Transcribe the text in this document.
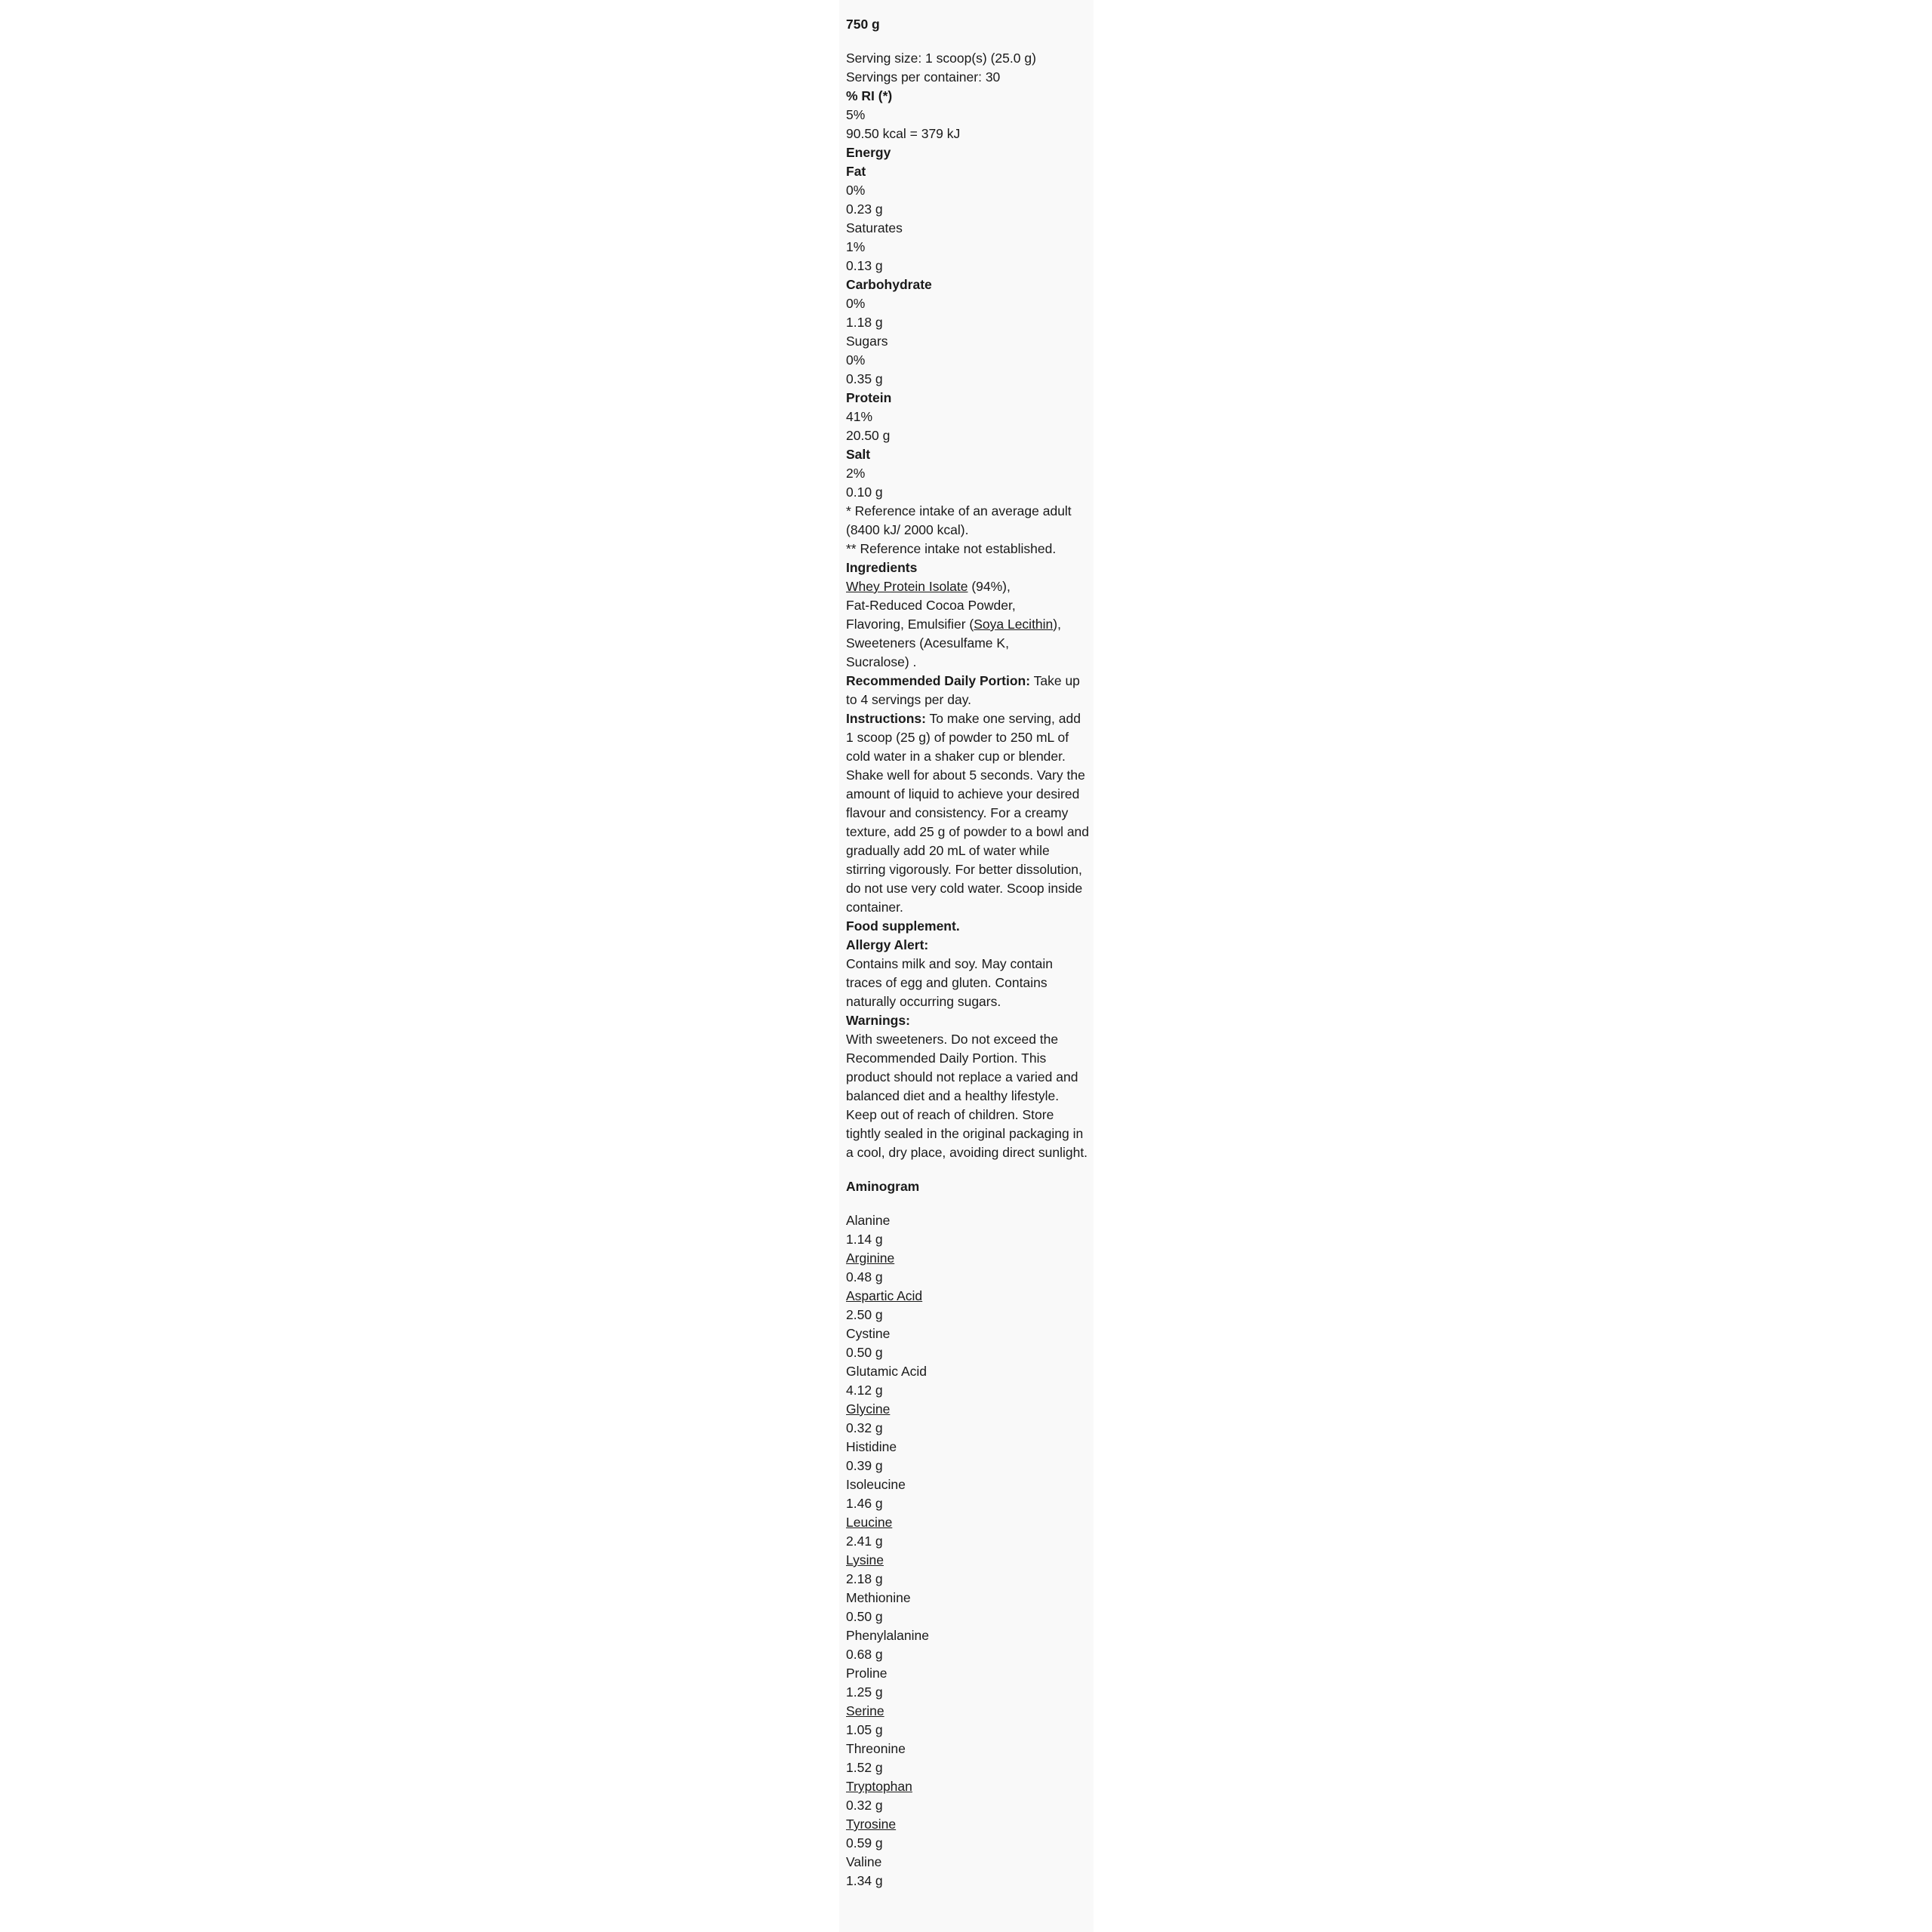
750 g
Serving size: 1 scoop(s) (25.0 g)
Servings per container: 30
% RI (*)
5%
90.50 kcal = 379 kJ
Energy
Fat
0%
0.23 g
Saturates
1%
0.13 g
Carbohydrate
0%
1.18 g
Sugars
0%
0.35 g
Protein
41%
20.50 g
Salt
2%
0.10 g
* Reference intake of an average adult
(8400 kJ/ 2000 kcal).
** Reference intake not established.
Ingredients
Whey Protein Isolate (94%),
Fat-Reduced Cocoa Powder,
Flavoring, Emulsifier (Soya Lecithin),
Sweeteners (Acesulfame K,
Sucralose) .

Recommended Daily Portion: Take up to 4 servings per day.

Instructions: To make one serving, add 1 scoop (25 g) of powder to 250 mL of cold water in a shaker cup or blender. Shake well for about 5 seconds. Vary the amount of liquid to achieve your desired flavour and consistency. For a creamy texture, add 25 g of powder to a bowl and gradually add 20 mL of water while stirring vigorously. For better dissolution, do not use very cold water. Scoop inside container.

Food supplement.
Allergy Alert:

Contains milk and soy. May contain traces of egg and gluten. Contains naturally occurring sugars.

Warnings:

With sweeteners. Do not exceed the Recommended Daily Portion. This product should not replace a varied and balanced diet and a healthy lifestyle. Keep out of reach of children. Store tightly sealed in the original packaging in a cool, dry place, avoiding direct sunlight.

Aminogram
Alanine
1.14 g
Arginine
0.48 g
Aspartic Acid
2.50 g
Cystine
0.50 g
Glutamic Acid
4.12 g
Glycine
0.32 g
Histidine
0.39 g
Isoleucine
1.46 g
Leucine
2.41 g
Lysine
2.18 g
Methionine
0.50 g
Phenylalanine
0.68 g
Proline
1.25 g
Serine
1.05 g
Threonine
1.52 g
Tryptophan
0.32 g
Tyrosine
0.59 g
Valine
1.34 g
